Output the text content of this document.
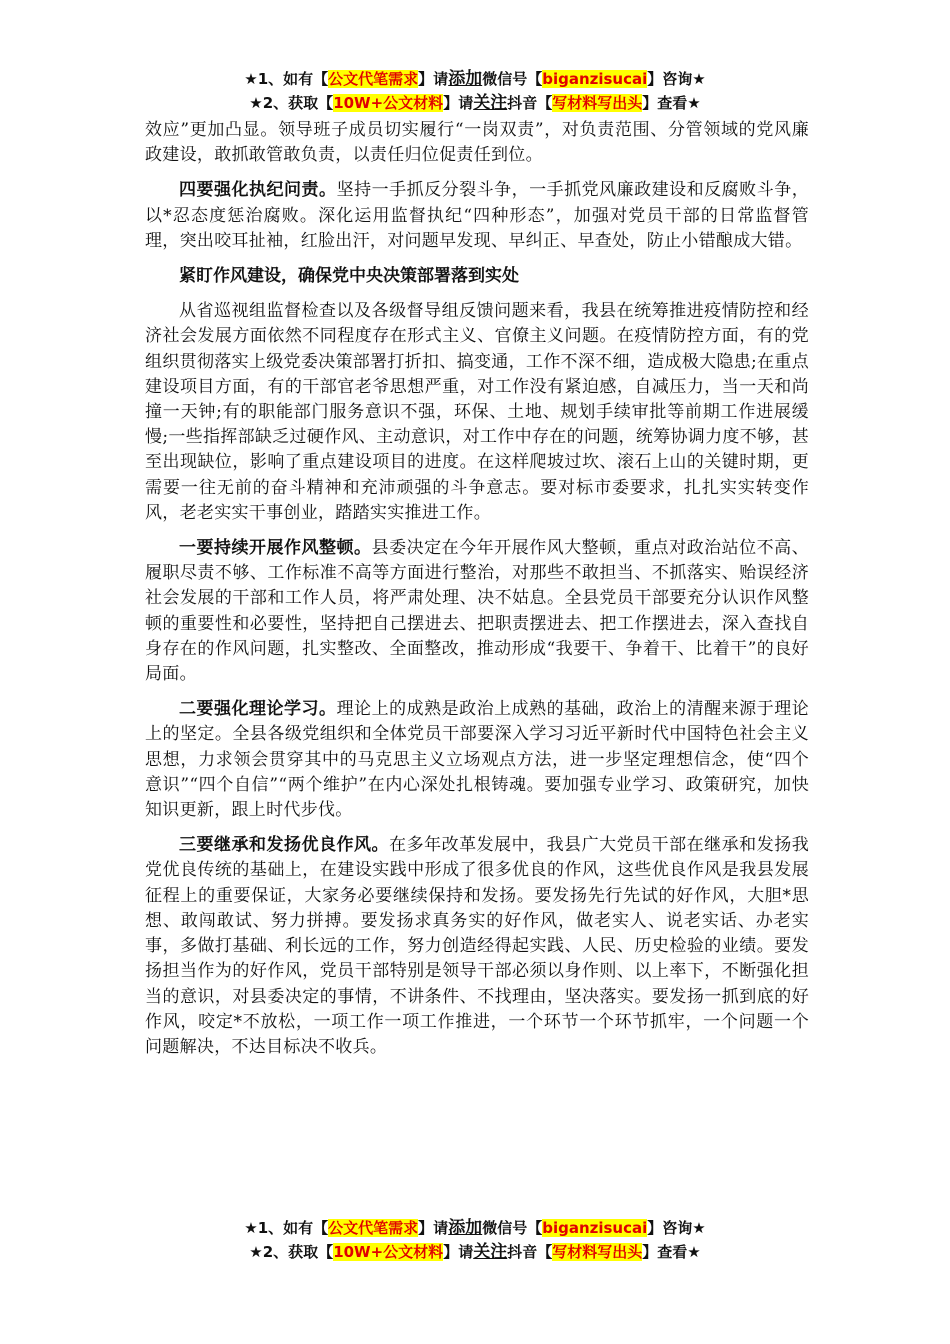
★1、如有【公文代笔需求】请添加微信号【biganzisucai】咨询★
★2、获取【10W+公文材料】请关注抖音【写材料写出头】查看★

效应”更加凸显。领导班子成员切实履行“一岗双责”，对负责范围、分管领域的党风廉政建设，敢抓敢管敢负责，以责任归位促责任到位。

四要强化执纪问责。坚持一手抓反分裂斗争，一手抓党风廉政建设和反腐败斗争，以*忍态度惩治腐败。深化运用监督执纪“四种形态”，加强对党员干部的日常监督管理，突出咬耳扯袖，红脸出汗，对问题早发现、早纠正、早查处，防止小错酿成大错。

紧盯作风建设，确保党中央决策部署落到实处

从省巡视组监督检查以及各级督导组反馈问题来看，我县在统筹推进疫情防控和经济社会发展方面依然不同程度存在形式主义、官僚主义问题。在疫情防控方面，有的党组织贯彻落实上级党委决策部署打折扣、搞变通，工作不深不细，造成极大隐患;在重点建设项目方面，有的干部官老爷思想严重，对工作没有紧迫感，自减压力，当一天和尚撞一天钟;有的职能部门服务意识不强，环保、土地、规划手续审批等前期工作进展缓慢;一些指挥部缺乏过硬作风、主动意识，对工作中存在的问题，统筹协调力度不够，甚至出现缺位，影响了重点建设项目的进度。在这样爬坡过坎、滚石上山的关键时期，更需要一往无前的奋斗精神和充沛顽强的斗争意志。要对标市委要求，扎扎实实转变作风，老老实实干事创业，踏踏实实推进工作。

一要持续开展作风整顿。县委决定在今年开展作风大整顿，重点对政治站位不高、履职尽责不够、工作标准不高等方面进行整治，对那些不敢担当、不抓落实、贻误经济社会发展的干部和工作人员，将严肃处理、决不姑息。全县党员干部要充分认识作风整顿的重要性和必要性，坚持把自己摆进去、把职责摆进去、把工作摆进去，深入查找自身存在的作风问题，扎实整改、全面整改，推动形成“我要干、争着干、比着干”的良好局面。

二要强化理论学习。理论上的成熟是政治上成熟的基础，政治上的清醒来源于理论上的坚定。全县各级党组织和全体党员干部要深入学习习近平新时代中国特色社会主义思想，力求领会贯穿其中的马克思主义立场观点方法，进一步坚定理想信念，使“四个意识”“四个自信”“两个维护”在内心深处扎根铸魂。要加强专业学习、政策研究，加快知识更新，跟上时代步伐。

三要继承和发扬优良作风。在多年改革发展中，我县广大党员干部在继承和发扬我党优良传统的基础上，在建设实践中形成了很多优良的作风，这些优良作风是我县发展征程上的重要保证，大家务必要继续保持和发扬。要发扬先行先试的好作风，大胆*思想、敢闯敢试、努力拼搏。要发扬求真务实的好作风，做老实人、说老实话、办老实事，多做打基础、利长远的工作，努力创造经得起实践、人民、历史检验的业绩。要发扬担当作为的好作风，党员干部特别是领导干部必须以身作则、以上率下，不断强化担当的意识，对县委决定的事情，不讲条件、不找理由，坚决落实。要发扬一抓到底的好作风，咬定*不放松，一项工作一项工作推进，一个环节一个环节抓牢，一个问题一个问题解决，不达目标决不收兵。

★1、如有【公文代笔需求】请添加微信号【biganzisucai】咨询★
★2、获取【10W+公文材料】请关注抖音【写材料写出头】查看★
